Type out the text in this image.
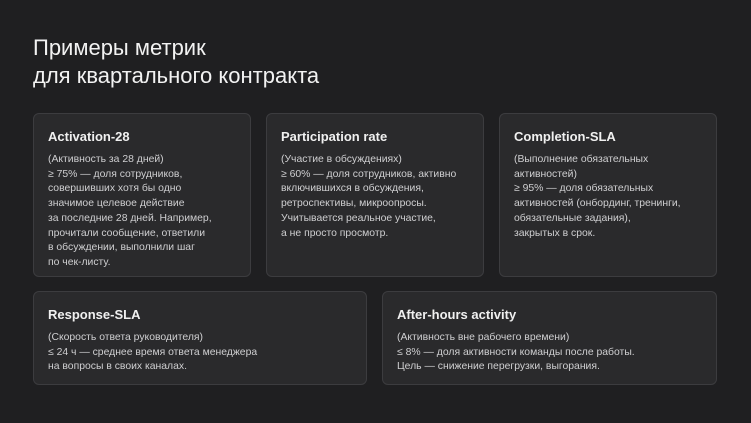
Примеры метрик
для квартального контракта
Activation-28

(Активность за 28 дней)
≥ 75% — доля сотрудников,
совершивших хотя бы одно
значимое целевое действие
за последние 28 дней. Например,
прочитали сообщение, ответили
в обсуждении, выполнили шаг
по чек-листу.

Participation rate

(Участие в обсуждениях)
≥ 60% — доля сотрудников, активно
включившихся в обсуждения,
ретроспективы, микроопросы.
Учитывается реальное участие,
а не просто просмотр.

Completion-SLA

(Выполнение обязательных
активностей)
≥ 95% — доля обязательных
активностей (онбординг, тренинги,
обязательные задания),
закрытых в срок.

Response-SLA

(Скорость ответа руководителя)
≤ 24 ч — среднее время ответа менеджера
на вопросы в своих каналах.

After-hours activity

(Активность вне рабочего времени)
≤ 8% — доля активности команды после работы.
Цель — снижение перегрузки, выгорания.
